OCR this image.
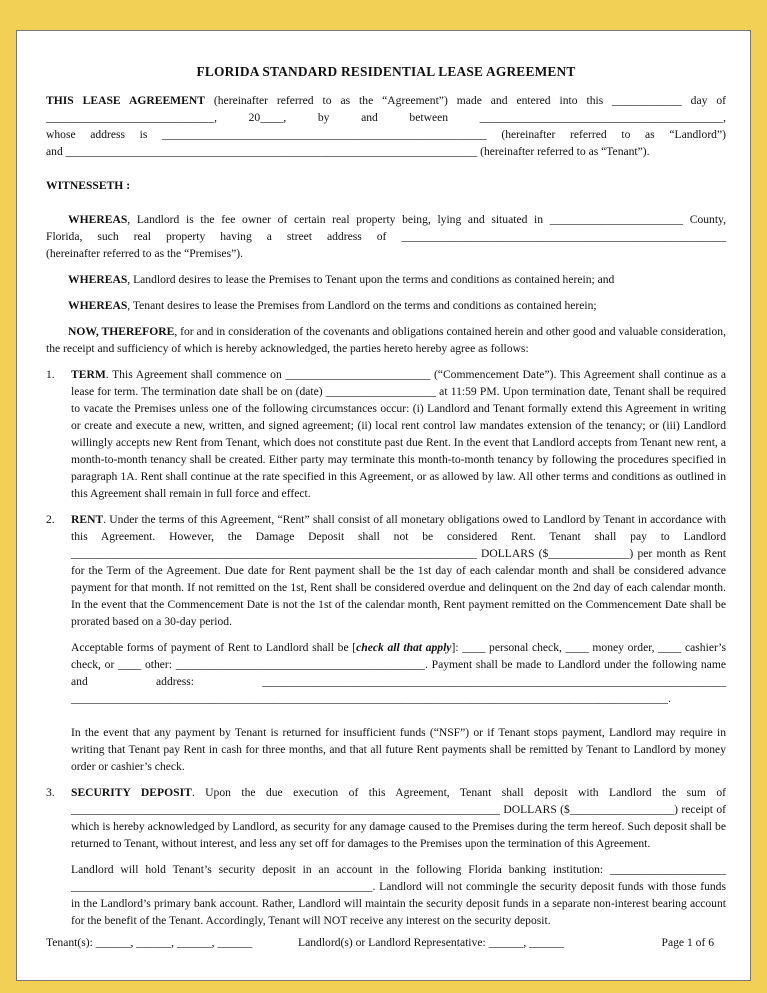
FLORIDA STANDARD RESIDENTIAL LEASE AGREEMENT
THIS LEASE AGREEMENT (hereinafter referred to as the “Agreement”) made and entered into this ____________ day of
_____________________________, 20____, by and between __________________________________________,
whose address is ________________________________________________________ (hereinafter referred to as “Landlord”)
and _______________________________________________________________________ (hereinafter referred to as “Tenant”).

WITNESSETH :

WHEREAS, Landlord is the fee owner of certain real property being, lying and situated in _______________________ County,
Florida, such real property having a street address of ________________________________________________________
(hereinafter referred to as the “Premises”).

WHEREAS, Landlord desires to lease the Premises to Tenant upon the terms and conditions as contained herein; and

WHEREAS, Tenant desires to lease the Premises from Landlord on the terms and conditions as contained herein;

NOW, THEREFORE, for and in consideration of the covenants and obligations contained herein and other good and valuable consideration, the receipt and sufficiency of which is hereby acknowledged, the parties hereto hereby agree as follows:

1. TERM. This Agreement shall commence on _________________________ (“Commencement Date”). This Agreement shall continue as a lease for term. The termination date shall be on (date) ___________________ at 11:59 PM. Upon termination date, Tenant shall be required to vacate the Premises unless one of the following circumstances occur: (i) Landlord and Tenant formally extend this Agreement in writing or create and execute a new, written, and signed agreement; (ii) local rent control law mandates extension of the tenancy; or (iii) Landlord willingly accepts new Rent from Tenant, which does not constitute past due Rent. In the event that Landlord accepts from Tenant new rent, a month-to-month tenancy shall be created. Either party may terminate this month-to-month tenancy by following the procedures specified in paragraph 1A. Rent shall continue at the rate specified in this Agreement, or as allowed by law. All other terms and conditions as outlined in this Agreement shall remain in full force and effect.

2. RENT. Under the terms of this Agreement, “Rent” shall consist of all monetary obligations owed to Landlord by Tenant in accordance with this Agreement. However, the Damage Deposit shall not be considered Rent. Tenant shall pay to Landlord ______________________________________________________________________ DOLLARS ($______________) per month as Rent for the Term of the Agreement. Due date for Rent payment shall be the 1st day of each calendar month and shall be considered advance payment for that month. If not remitted on the 1st, Rent shall be considered overdue and delinquent on the 2nd day of each calendar month. In the event that the Commencement Date is not the 1st of the calendar month, Rent payment remitted on the Commencement Date shall be prorated based on a 30-day period.

Acceptable forms of payment of Rent to Landlord shall be [check all that apply]: ____ personal check, ____ money order, ____ cashier’s check, or ____ other: ___________________________________________. Payment shall be made to Landlord under the following name and address: ________________________________________________________________________________ _______________________________________________________________________________________________________.

In the event that any payment by Tenant is returned for insufficient funds (“NSF”) or if Tenant stops payment, Landlord may require in writing that Tenant pay Rent in cash for three months, and that all future Rent payments shall be remitted by Tenant to Landlord by money order or cashier’s check.

3. SECURITY DEPOSIT. Upon the due execution of this Agreement, Tenant shall deposit with Landlord the sum of __________________________________________________________________________ DOLLARS ($__________________) receipt of which is hereby acknowledged by Landlord, as security for any damage caused to the Premises during the term hereof. Such deposit shall be returned to Tenant, without interest, and less any set off for damages to the Premises upon the termination of this Agreement.

Landlord will hold Tenant’s security deposit in an account in the following Florida banking institution: ____________________ ____________________________________________________. Landlord will not commingle the security deposit funds with those funds in the Landlord’s primary bank account. Rather, Landlord will maintain the security deposit funds in a separate non-interest bearing account for the benefit of the Tenant. Accordingly, Tenant will NOT receive any interest on the security deposit.

Tenant(s): ______, ______, ______, ______	Landlord(s) or Landlord Representative: ______, ______	Page 1 of 6
